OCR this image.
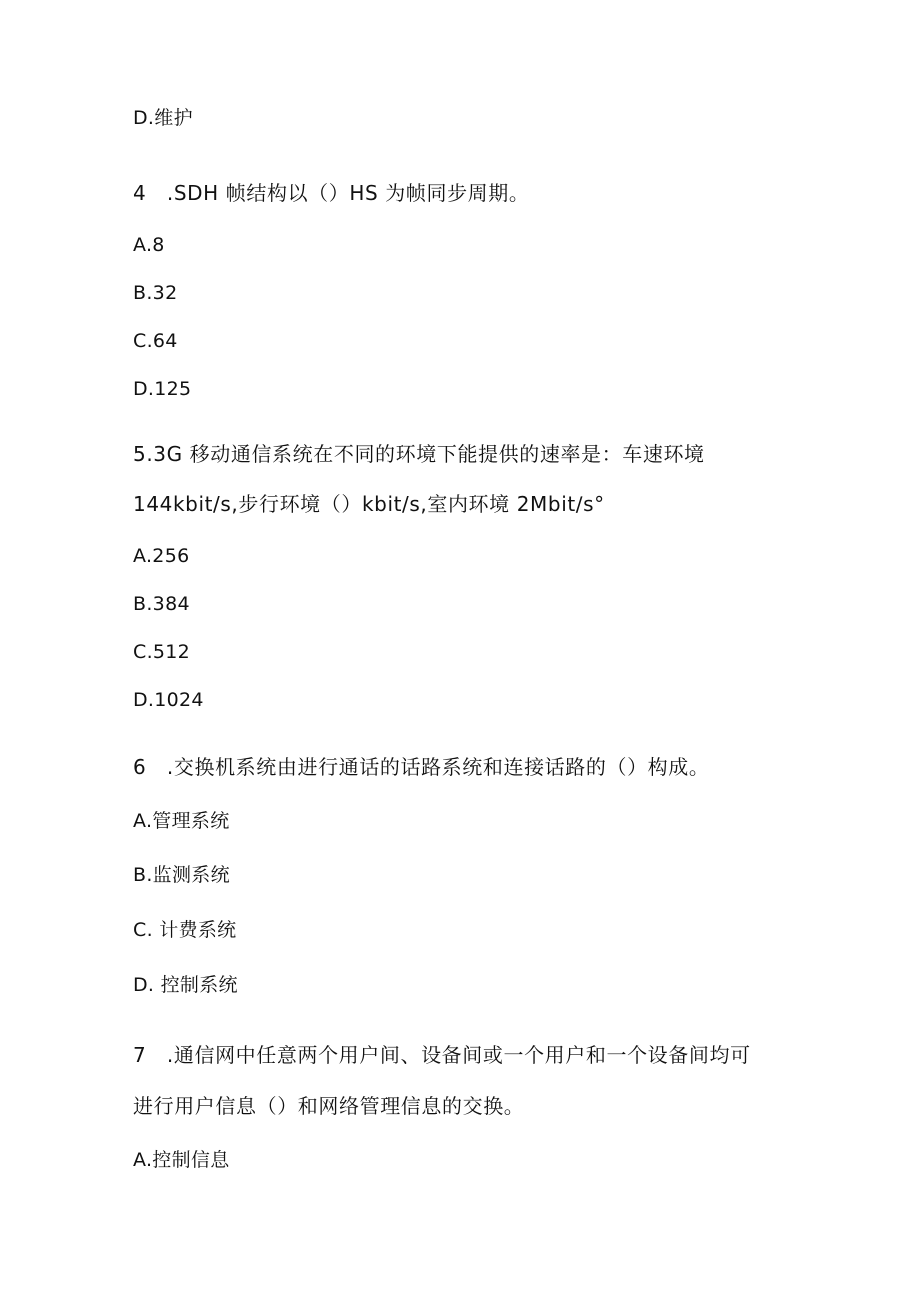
D.维护
4　.SDH 帧结构以（）HS 为帧同步周期。
A.8
B.32
C.64
D.125
5.3G 移动通信系统在不同的环境下能提供的速率是：车速环境
144kbit/s,步行环境（）kbit/s,室内环境 2Mbit∕s°
A.256
B.384
C.512
D.1024
6　.交换机系统由进行通话的话路系统和连接话路的（）构成。
A.管理系统
B.监测系统
C. 计费系统
D. 控制系统
7　.通信网中任意两个用户间、设备间或一个用户和一个设备间均可
进行用户信息（）和网络管理信息的交换。
A.控制信息
